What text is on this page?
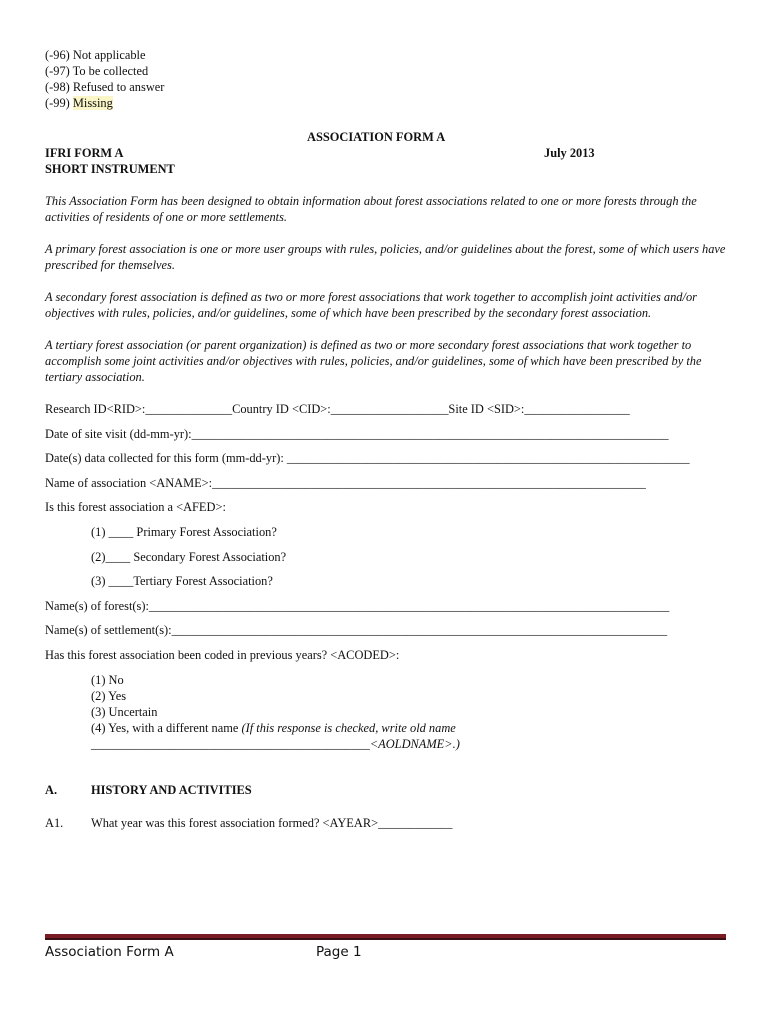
(-96) Not applicable
(-97) To be collected
(-98) Refused to answer
(-99) Missing
ASSOCIATION FORM A
IFRI FORM A	July 2013
SHORT INSTRUMENT

This Association Form has been designed to obtain information about forest associations related to one or more forests through the activities of residents of one or more settlements.

A primary forest association is one or more user groups with rules, policies, and/or guidelines about the forest, some of which users have prescribed for themselves.

A secondary forest association is defined as two or more forest associations that work together to accomplish joint activities and/or objectives with rules, policies, and/or guidelines, some of which have been prescribed by the secondary forest association.

A tertiary forest association (or parent organization) is defined as two or more secondary forest associations that work together to accomplish some joint activities and/or objectives with rules, policies, and/or guidelines, some of which have been prescribed by the tertiary association.

Research ID<RID>:______________Country ID <CID>:___________________Site ID <SID>:_________________
Date of site visit (dd-mm-yr):_____________________________________________________________________________
Date(s) data collected for this form (mm-dd-yr): _________________________________________________________________
Name of association <ANAME>:______________________________________________________________________
Is this forest association a <AFED>:
(1) ____ Primary Forest Association?
(2)____ Secondary Forest Association?
(3) ____Tertiary Forest Association?
Name(s) of forest(s):____________________________________________________________________________________
Name(s) of settlement(s):________________________________________________________________________________
Has this forest association been coded in previous years? <ACODED>:
(1) No
(2) Yes
(3) Uncertain
(4) Yes, with a different name (If this response is checked, write old name
_____________________________________________<AOLDNAME>.)
A.	HISTORY AND ACTIVITIES
A1. What year was this forest association formed? <AYEAR>____________
Association Form A	Page 1
